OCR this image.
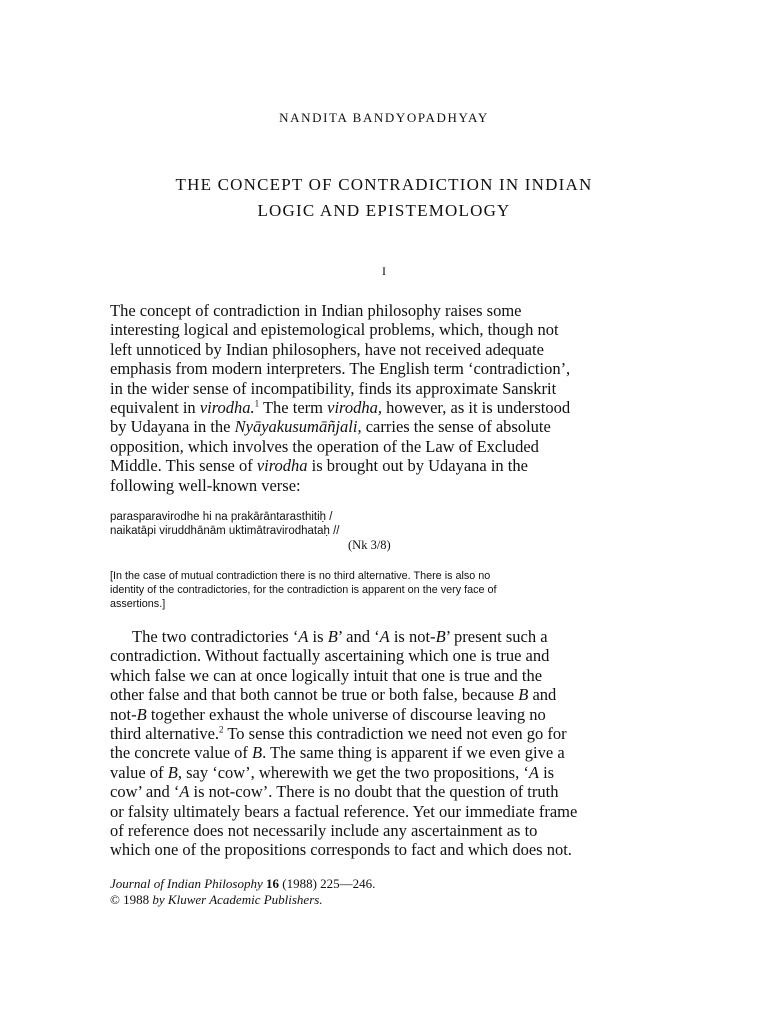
NANDITA BANDYOPADHYAY
THE CONCEPT OF CONTRADICTION IN INDIAN
LOGIC AND EPISTEMOLOGY
I
The concept of contradiction in Indian philosophy raises some
interesting logical and epistemological problems, which, though not
left unnoticed by Indian philosophers, have not received adequate
emphasis from modern interpreters. The English term ‘contradiction’,
in the wider sense of incompatibility, finds its approximate Sanskrit
equivalent in virodha.$^1$ The term virodha, however, as it is understood
by Udayana in the Nyāyakusumāñjali, carries the sense of absolute
opposition, which involves the operation of the Law of Excluded
Middle. This sense of virodha is brought out by Udayana in the
following well-known verse:
parasparavirodhe hi na prakārāntarasthitiḥ /
naikatāpi viruddhānām uktimātravirodhataḥ //
(Nk 3/8)
[In the case of mutual contradiction there is no third alternative. There is also no
identity of the contradictories, for the contradiction is apparent on the very face of
assertions.]
The two contradictories ‘A is B’ and ‘A is not-B’ present such a
contradiction. Without factually ascertaining which one is true and
which false we can at once logically intuit that one is true and the
other false and that both cannot be true or both false, because B and
not-B together exhaust the whole universe of discourse leaving no
third alternative.$^2$ To sense this contradiction we need not even go for
the concrete value of B. The same thing is apparent if we even give a
value of B, say ‘cow’, wherewith we get the two propositions, ‘A is
cow’ and ‘A is not-cow’. There is no doubt that the question of truth
or falsity ultimately bears a factual reference. Yet our immediate frame
of reference does not necessarily include any ascertainment as to
which one of the propositions corresponds to fact and which does not.
Journal of Indian Philosophy 16 (1988) 225—246.
© 1988 by Kluwer Academic Publishers.
